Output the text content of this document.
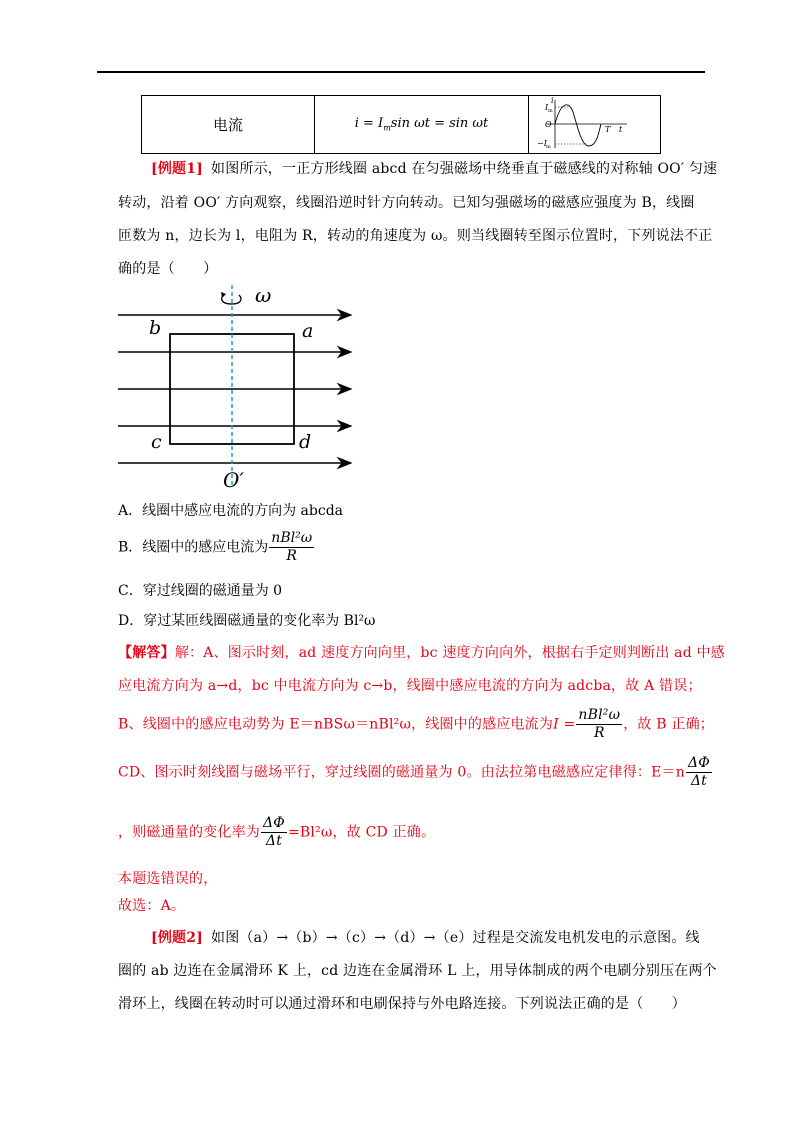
电流	$i = I_m\sin$ ωt = sin ωt	
i
I m
O
−I m
T t
[例题1] 如图所示，一正方形线圈 abcd 在匀强磁场中绕垂直于磁感线的对称轴 OO′ 匀速
转动，沿着 OO′ 方向观察，线圈沿逆时针方向转动。已知匀强磁场的磁感应强度为 B，线圈
匝数为 n，边长为 l，电阻为 R，转动的角速度为 ω。则当线圈转至图示位置时，下列说法不正
确的是（　　）
ω
b	a
c	d
O′
A．线圈中感应电流的方向为 abcda
B．线圈中的感应电流为 $\frac{\text{nBl²ω}}{R}$
C．穿过线圈的磁通量为 0
D．穿过某匝线圈磁通量的变化率为 Bl²ω
【解答】解：A、图示时刻，ad 速度方向向里，bc 速度方向向外，根据右手定则判断出 ad 中感
应电流方向为 a→d，bc 中电流方向为 c→b，线圈中感应电流的方向为 adcba，故 A 错误；
B、线圈中的感应电动势为 E＝nBSω＝nBl²ω，线圈中的感应电流为$I = \frac{\text{nBl²ω}}{R}$ ，故 B 正确；
CD、图示时刻线圈与磁场平行，穿过线圈的磁通量为 0。由法拉第电磁感应定律得：$E=n \frac{\Delta\Phi}{\Delta t}$
，则磁通量的变化率为 $\frac{\Delta\Phi}{\Delta t} =Bl^2\omega$，故 CD 正确。
本题选错误的，
故选：A。
[例题2] 如图（a）→（b）→（c）→（d）→（e）过程是交流发电机发电的示意图。线
圈的 ab 边连在金属滑环 K 上，cd 边连在金属滑环 L 上，用导体制成的两个电刷分别压在两个
滑环上，线圈在转动时可以通过滑环和电刷保持与外电路连接。下列说法正确的是（　　）
